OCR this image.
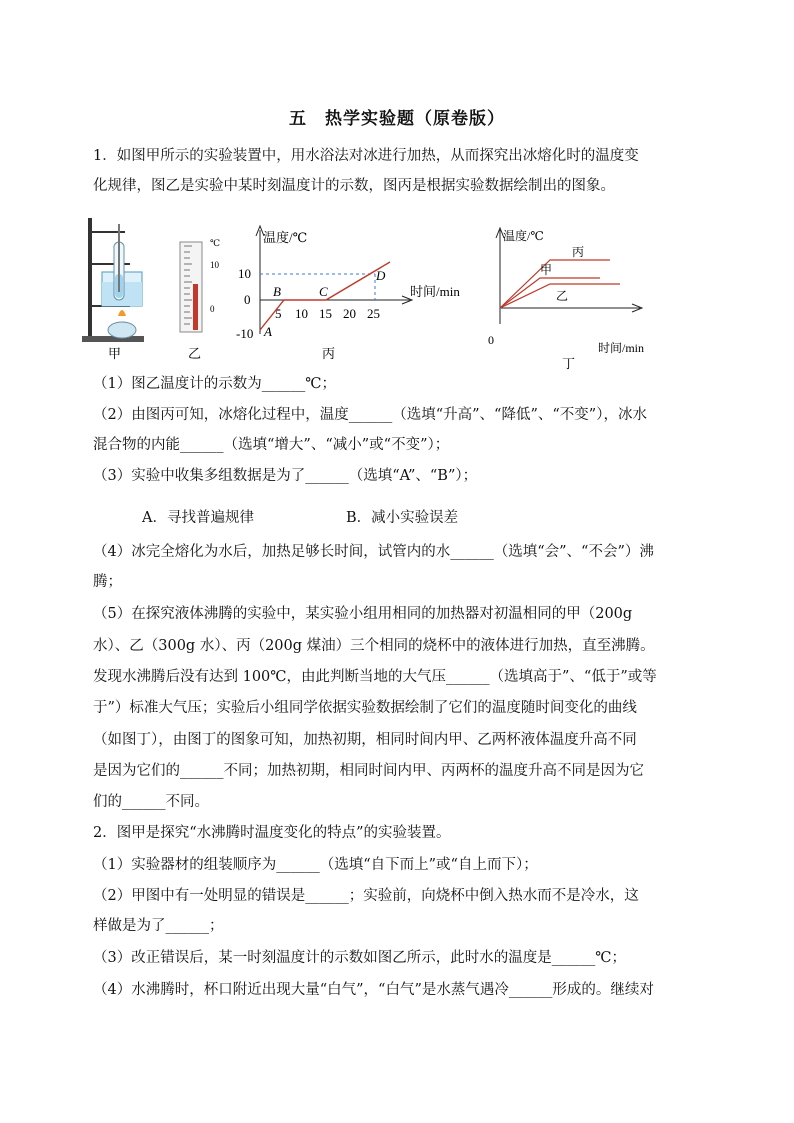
五　热学实验题（原卷版）
1．如图甲所示的实验装置中，用水浴法对冰进行加热，从而探究出冰熔化时的温度变
化规律，图乙是实验中某时刻温度计的示数，图丙是根据实验数据绘制出的图象。
甲
℃
10
0
乙
温度/℃
时间/min
10
0
-10
5 10 15 20 25
A
B	C
D
丙
温度/℃
时间/min
0
丙
甲
乙
丁
（1）图乙温度计的示数为______℃；
（2）由图丙可知，冰熔化过程中，温度______（选填“升高”、“降低”、“不变”），冰水
混合物的内能______（选填“增大”、“减小”或“不变”）；
（3）实验中收集多组数据是为了______（选填“A”、“B”）；
A．寻找普遍规律	B．减小实验误差
（4）冰完全熔化为水后，加热足够长时间，试管内的水______（选填“会”、“不会”）沸
腾；
（5）在探究液体沸腾的实验中，某实验小组用相同的加热器对初温相同的甲（200g
水）、乙（300g 水）、丙（200g 煤油）三个相同的烧杯中的液体进行加热，直至沸腾。
发现水沸腾后没有达到 100℃，由此判断当地的大气压______（选填高于”、“低于”或等
于”）标准大气压；实验后小组同学依据实验数据绘制了它们的温度随时间变化的曲线
（如图丁），由图丁的图象可知，加热初期，相同时间内甲、乙两杯液体温度升高不同
是因为它们的______不同；加热初期，相同时间内甲、丙两杯的温度升高不同是因为它
们的______不同。
2．图甲是探究“水沸腾时温度变化的特点”的实验装置。
（1）实验器材的组装顺序为______（选填“自下而上”或“自上而下）；
（2）甲图中有一处明显的错误是______；实验前，向烧杯中倒入热水而不是冷水，这
样做是为了______；
（3）改正错误后，某一时刻温度计的示数如图乙所示，此时水的温度是______℃；
（4）水沸腾时，杯口附近出现大量“白气”，“白气”是水蒸气遇冷______形成的。继续对
